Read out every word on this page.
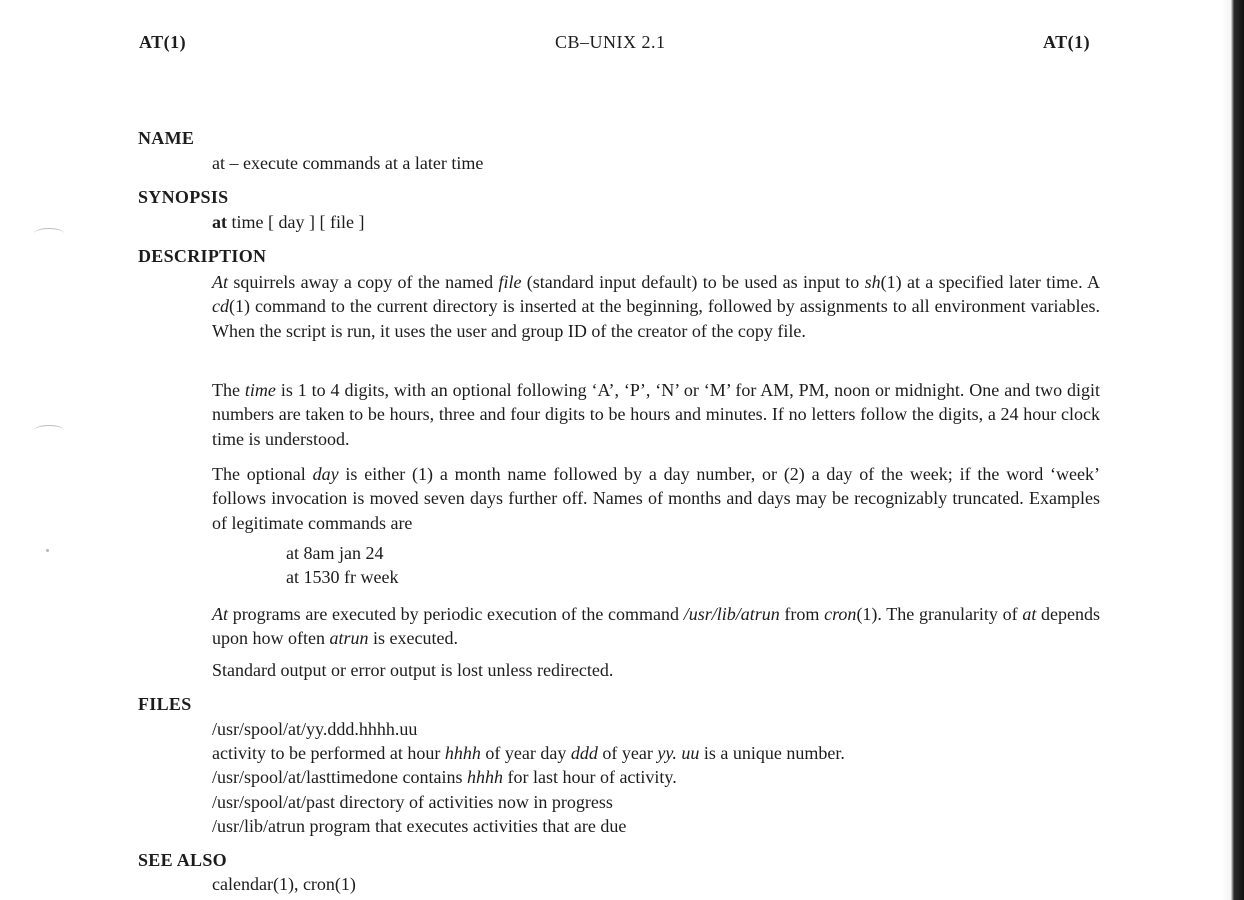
AT(1)	CB–UNIX 2.1	AT(1)
NAME
at – execute commands at a later time
SYNOPSIS
at time [ day ] [ file ]
DESCRIPTION
At squirrels away a copy of the named file (standard input default) to be used as input to sh(1) at a specified later time. A cd(1) command to the current directory is inserted at the beginning, followed by assignments to all environment variables. When the script is run, it uses the user and group ID of the creator of the copy file.
The time is 1 to 4 digits, with an optional following ‘A’, ‘P’, ‘N’ or ‘M’ for AM, PM, noon or midnight. One and two digit numbers are taken to be hours, three and four digits to be hours and minutes. If no letters follow the digits, a 24 hour clock time is understood.
The optional day is either (1) a month name followed by a day number, or (2) a day of the week; if the word ‘week’ follows invocation is moved seven days further off. Names of months and days may be recognizably truncated. Examples of legitimate commands are
at 8am jan 24
at 1530 fr week
At programs are executed by periodic execution of the command /usr/lib/atrun from cron(1). The granularity of at depends upon how often atrun is executed.
Standard output or error output is lost unless redirected.
FILES
/usr/spool/at/yy.ddd.hhhh.uu
activity to be performed at hour hhhh of year day ddd of year yy. uu is a unique number.
/usr/spool/at/lasttimedone contains hhhh for last hour of activity.
/usr/spool/at/past directory of activities now in progress
/usr/lib/atrun program that executes activities that are due
SEE ALSO
calendar(1), cron(1)
